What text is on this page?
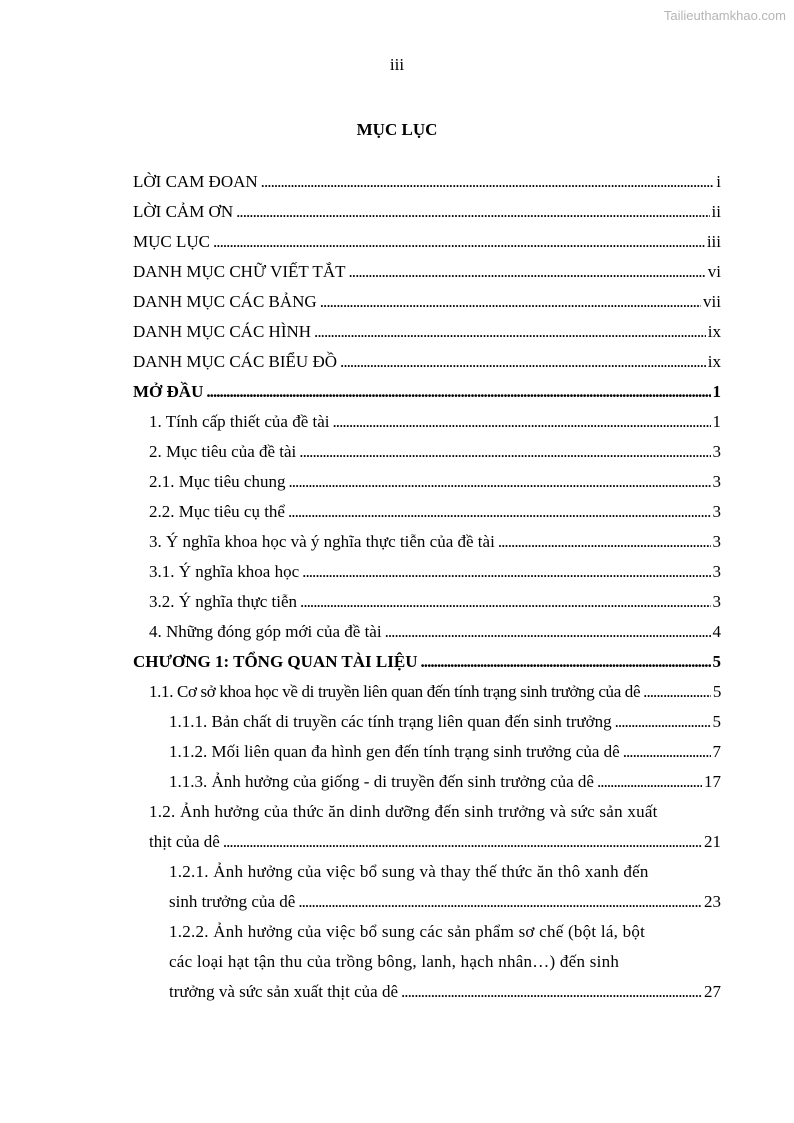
Tailieuthamkhao.com
iii
MỤC LỤC
LỜI CAM ĐOAN . . .	i
LỜI CẢM ƠN . . .	ii
MỤC LỤC . . .	iii
DANH MỤC CHỮ VIẾT TẮT . . .	vi
DANH MỤC CÁC BẢNG . . .	vii
DANH MỤC CÁC HÌNH . . .	ix
DANH MỤC CÁC BIỂU ĐỒ . . .	ix
MỞ ĐẦU . . .	1
1. Tính cấp thiết của đề tài . . .	1
2. Mục tiêu của đề tài . . .	3
2.1. Mục tiêu chung . . .	3
2.2. Mục tiêu cụ thể . . .	3
3. Ý nghĩa khoa học và ý nghĩa thực tiễn của đề tài . . .	3
3.1. Ý nghĩa khoa học . . .	3
3.2. Ý nghĩa thực tiễn . . .	3
4. Những đóng góp mới của đề tài . . .	4
CHƯƠNG 1: TỔNG QUAN TÀI LIỆU . . .	5
1.1. Cơ sở khoa học về di truyền liên quan đến tính trạng sinh trưởng của dê . . .	5
1.1.1. Bản chất di truyền các tính trạng liên quan đến sinh trưởng . . .	5
1.1.2. Mối liên quan đa hình gen đến tính trạng sinh trưởng của dê . . .	7
1.1.3. Ảnh hưởng của giống - di truyền đến sinh trưởng của dê . . .	17
1.2. Ảnh hưởng của thức ăn dinh dưỡng đến sinh trưởng và sức sản xuất
thịt của dê . . .	21
1.2.1. Ảnh hưởng của việc bổ sung và thay thế thức ăn thô xanh đến
sinh trưởng của dê . . .	23
1.2.2. Ảnh hưởng của việc bổ sung các sản phẩm sơ chế (bột lá, bột
các loại hạt tận thu của trồng bông, lanh, hạch nhân…) đến sinh
trưởng và sức sản xuất thịt của dê . . .	27
